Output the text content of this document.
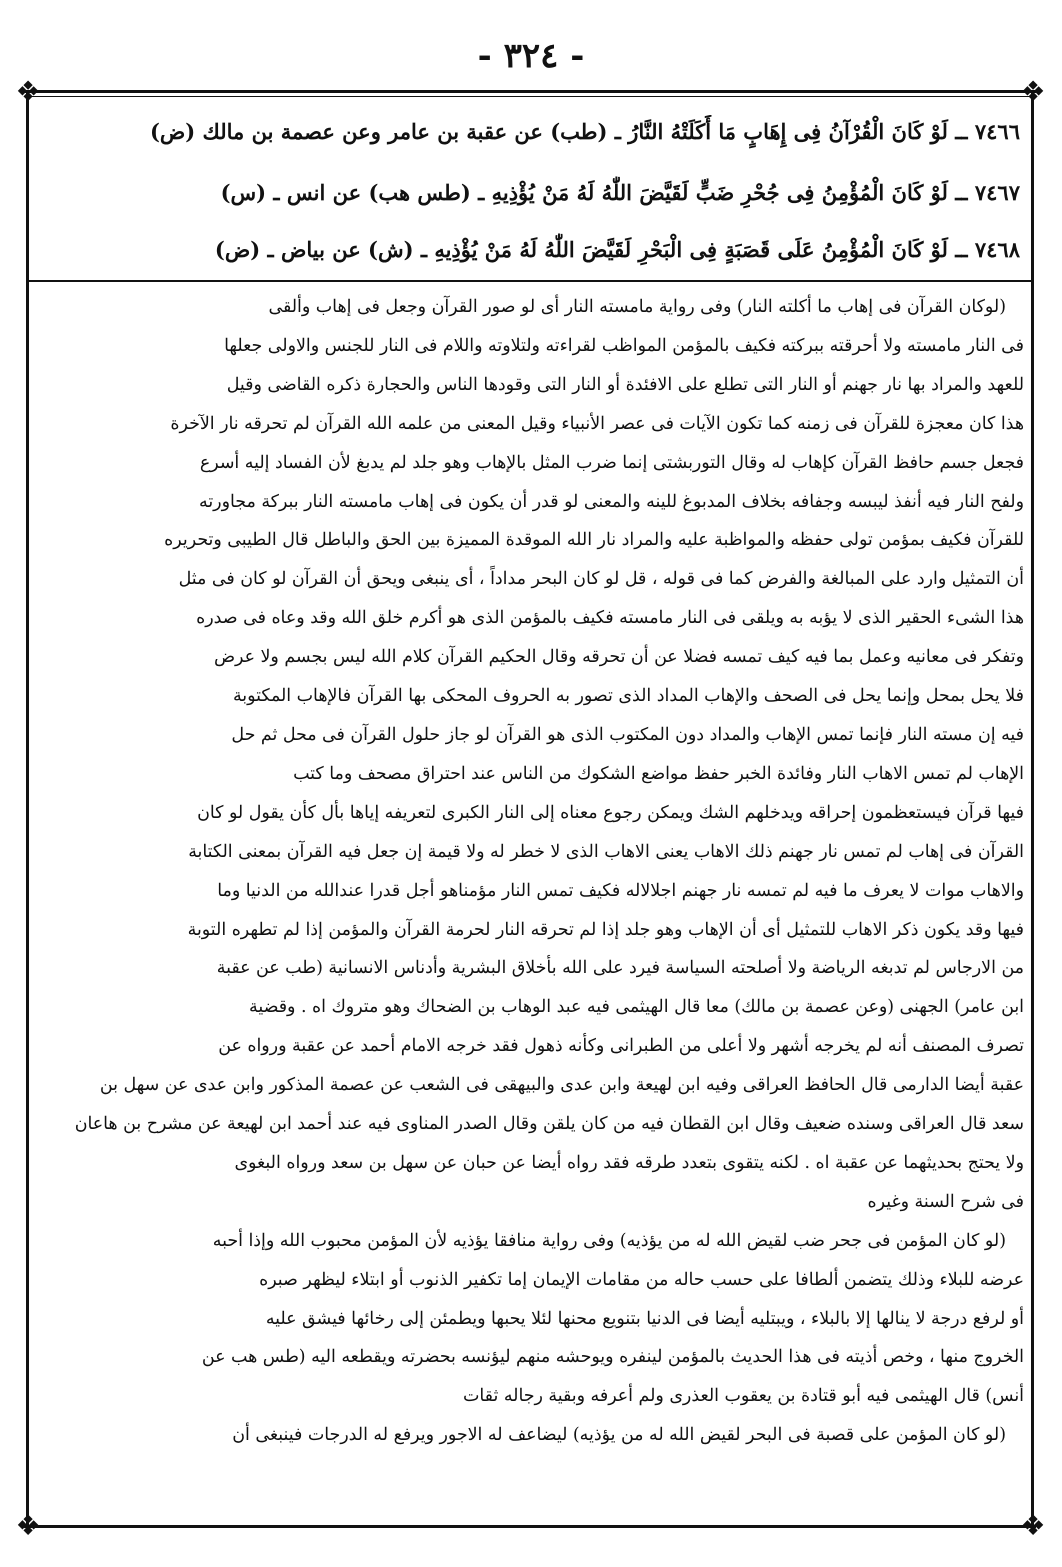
- ٣٢٤ -
❖	❖
❖	❖
٧٤٦٦ ــ لَوْ كَانَ الْقُرْآنُ فِى إِهَابٍ مَا أَكَلَتْهُ النَّارُ ـ (طب) عن عقبة بن عامر وعن عصمة بن مالك (ض)
٧٤٦٧ ــ لَوْ كَانَ الْمُؤْمِنُ فِى جُحْرِ ضَبٍّ لَقَيَّضَ اللّٰهُ لَهُ مَنْ يُؤْذِيهِ ـ (طس هب) عن انس ـ (س)
٧٤٦٨ ــ لَوْ كَانَ الْمُؤْمِنُ عَلَى قَصَبَةٍ فِى الْبَحْرِ لَقَيَّضَ اللّٰهُ لَهُ مَنْ يُؤْذِيهِ ـ (ش) عن بياض ـ (ض)

(لوكان القرآن فى إهاب ما أكلته النار) وفى رواية مامسته النار أى لو صور القرآن وجعل فى إهاب وألقى

فى النار مامسته ولا أحرقته ببركته فكيف بالمؤمن المواظب لقراءته ولتلاوته واللام فى النار للجنس والاولى جعلها

للعهد والمراد بها نار جهنم أو النار التى تطلع على الافئدة أو النار التى وقودها الناس والحجارة ذكره القاضى وقيل

هذا كان معجزة للقرآن فى زمنه كما تكون الآيات فى عصر الأنبياء وقيل المعنى من علمه الله القرآن لم تحرقه نار الآخرة

فجعل جسم حافظ القرآن كإهاب له وقال التوربشتى إنما ضرب المثل بالإهاب وهو جلد لم يدبغ لأن الفساد إليه أسرع

ولفح النار فيه أنفذ ليبسه وجفافه بخلاف المدبوغ للينه والمعنى لو قدر أن يكون فى إهاب مامسته النار ببركة مجاورته

للقرآن فكيف بمؤمن تولى حفظه والمواظبة عليه والمراد نار الله الموقدة المميزة بين الحق والباطل قال الطيبى وتحريره

أن التمثيل وارد على المبالغة والفرض كما فى قوله ، قل لو كان البحر مداداً ، أى ينبغى ويحق أن القرآن لو كان فى مثل

هذا الشىء الحقير الذى لا يؤبه به ويلقى فى النار مامسته فكيف بالمؤمن الذى هو أكرم خلق الله وقد وعاه فى صدره

وتفكر فى معانيه وعمل بما فيه كيف تمسه فضلا عن أن تحرقه وقال الحكيم القرآن كلام الله ليس بجسم ولا عرض

فلا يحل بمحل وإنما يحل فى الصحف والإهاب المداد الذى تصور به الحروف المحكى بها القرآن فالإهاب المكتوبة

فيه إن مسته النار فإنما تمس الإهاب والمداد دون المكتوب الذى هو القرآن لو جاز حلول القرآن فى محل ثم حل

الإهاب لم تمس الاهاب النار وفائدة الخبر حفظ مواضع الشكوك من الناس عند احتراق مصحف وما كتب

فيها قرآن فيستعظمون إحراقه ويدخلهم الشك ويمكن رجوع معناه إلى النار الكبرى لتعريفه إياها بأل كأن يقول لو كان

القرآن فى إهاب لم تمس نار جهنم ذلك الاهاب يعنى الاهاب الذى لا خطر له ولا قيمة إن جعل فيه القرآن بمعنى الكتابة

والاهاب موات لا يعرف ما فيه لم تمسه نار جهنم اجلالاله فكيف تمس النار مؤمناهو أجل قدرا عندالله من الدنيا وما

فيها وقد يكون ذكر الاهاب للتمثيل أى أن الإهاب وهو جلد إذا لم تحرقه النار لحرمة القرآن والمؤمن إذا لم تطهره التوبة

من الارجاس لم تدبغه الرياضة ولا أصلحته السياسة فيرد على الله بأخلاق البشرية وأدناس الانسانية (طب عن عقبة

ابن عامر) الجهنى (وعن عصمة بن مالك) معا قال الهيثمى فيه عبد الوهاب بن الضحاك وهو متروك اه . وقضية

تصرف المصنف أنه لم يخرجه أشهر ولا أعلى من الطبرانى وكأنه ذهول فقد خرجه الامام أحمد عن عقبة ورواه عن

عقبة أيضا الدارمى قال الحافظ العراقى وفيه ابن لهيعة وابن عدى والبيهقى فى الشعب عن عصمة المذكور وابن عدى عن سهل بن

سعد قال العراقى وسنده ضعيف وقال ابن القطان فيه من كان يلقن وقال الصدر المناوى فيه عند أحمد ابن لهيعة عن مشرح بن هاعان

ولا يحتج بحديثهما عن عقبة اه . لكنه يتقوى بتعدد طرقه فقد رواه أيضا عن حبان عن سهل بن سعد ورواه البغوى

فى شرح السنة وغيره

(لو كان المؤمن فى جحر ضب لقيض الله له من يؤذيه) وفى رواية منافقا يؤذيه لأن المؤمن محبوب الله وإذا أحبه

عرضه للبلاء وذلك يتضمن ألطافا على حسب حاله من مقامات الإيمان إما تكفير الذنوب أو ابتلاء ليظهر صبره

أو لرفع درجة لا ينالها إلا بالبلاء ، ويبتليه أيضا فى الدنيا بتنويع محنها لئلا يحبها ويطمئن إلى رخائها فيشق عليه

الخروج منها ، وخص أذيته فى هذا الحديث بالمؤمن لينفره ويوحشه منهم ليؤنسه بحضرته ويقطعه اليه (طس هب عن

أنس) قال الهيثمى فيه أبو قتادة بن يعقوب العذرى ولم أعرفه وبقية رجاله ثقات

(لو كان المؤمن على قصبة فى البحر لقيض الله له من يؤذيه) ليضاعف له الاجور ويرفع له الدرجات فينبغى أن
